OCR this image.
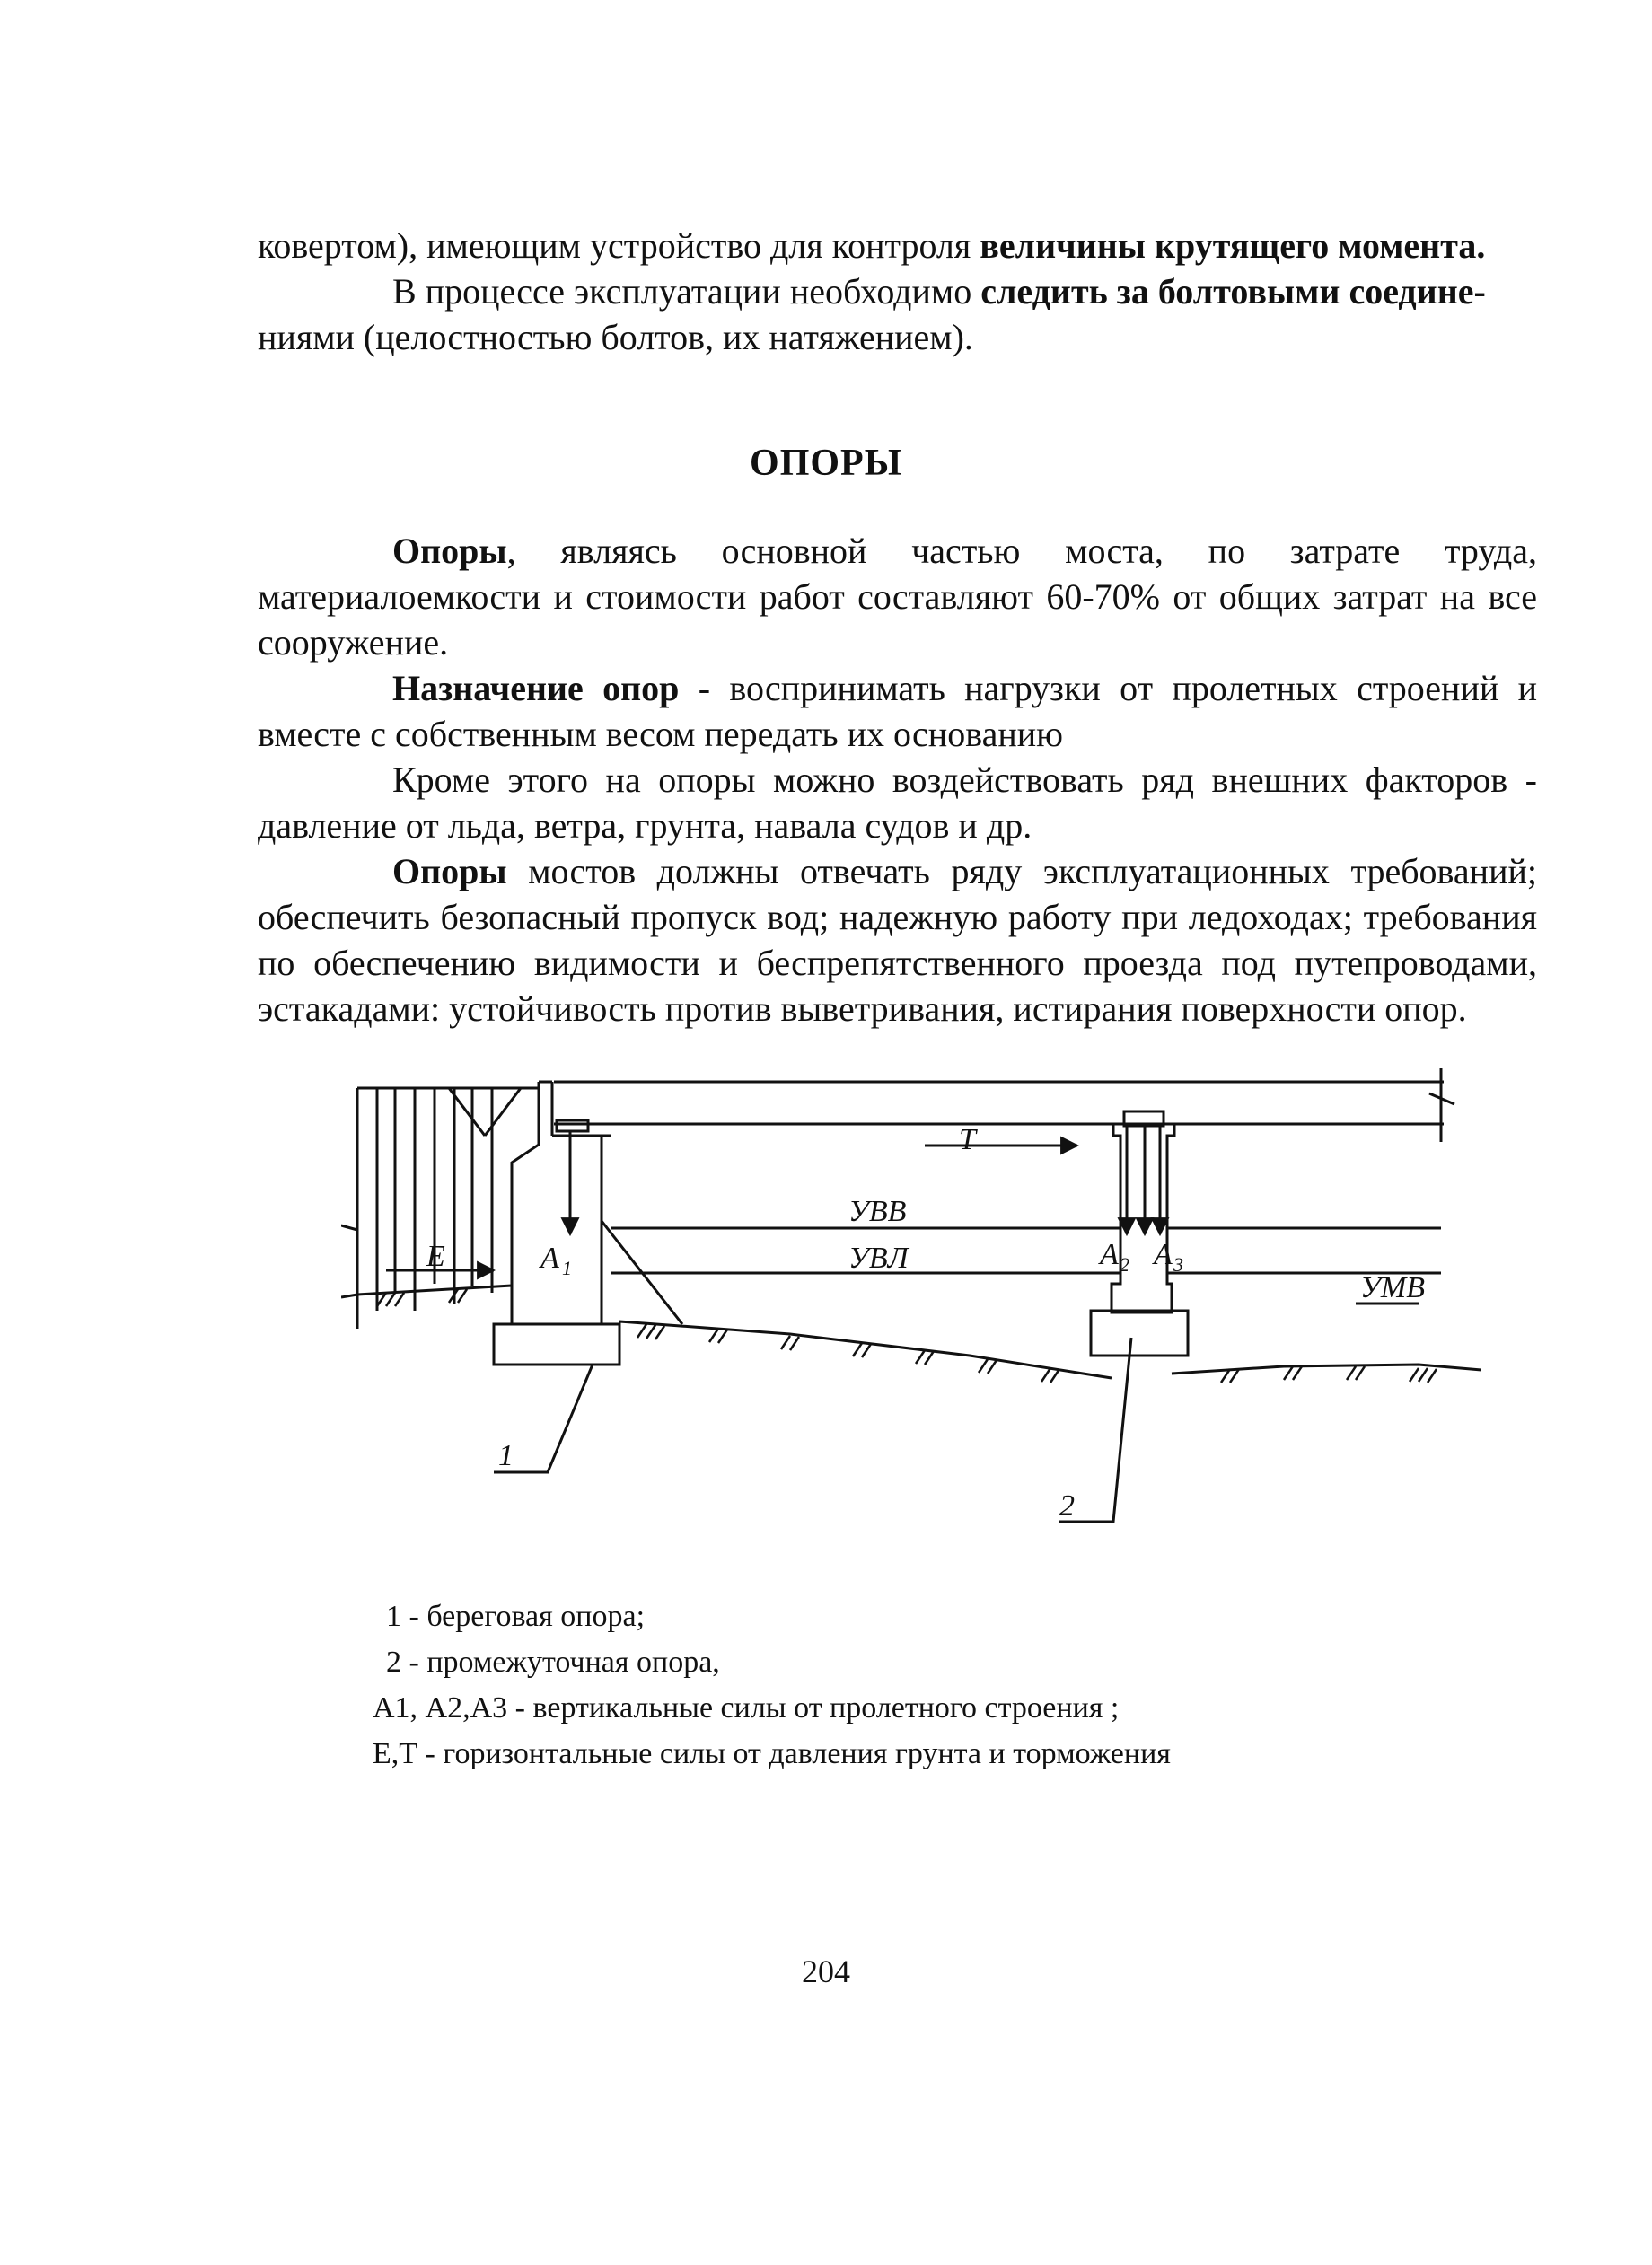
ковертом), имеющим устройство для контроля величины крутящего момента.

В процессе эксплуатации необходимо следить за болтовыми соедине-

ниями (целостностью болтов, их натяжением).

ОПОРЫ

Опоры, являясь основной частью моста, по затрате труда, материалоемкости и стоимости работ составляют 60-70% от общих затрат на все сооружение.

Назначение опор - воспринимать нагрузки от пролетных строений и вместе с собственным весом передать их основанию

Кроме этого на опоры можно воздействовать ряд внешних факторов - давление от льда, ветра, грунта, навала судов и др.

Опоры мостов должны отвечать ряду эксплуатационных требований; обеспечить безопасный пропуск вод; надежную работу при ледоходах; требования по обеспечению видимости и беспрепятственного проезда под путепроводами, эстакадами: устойчивость против выветривания, истирания поверхности опор.

T
УВВ
УВЛ
УМВ
E	A 1	A 2 A 3
1
2
1 - береговая опора;
2 - промежуточная опора,
А1, А2,А3 - вертикальные силы от пролетного строения ;
Е,Т - горизонтальные силы от давления грунта и торможения
204
